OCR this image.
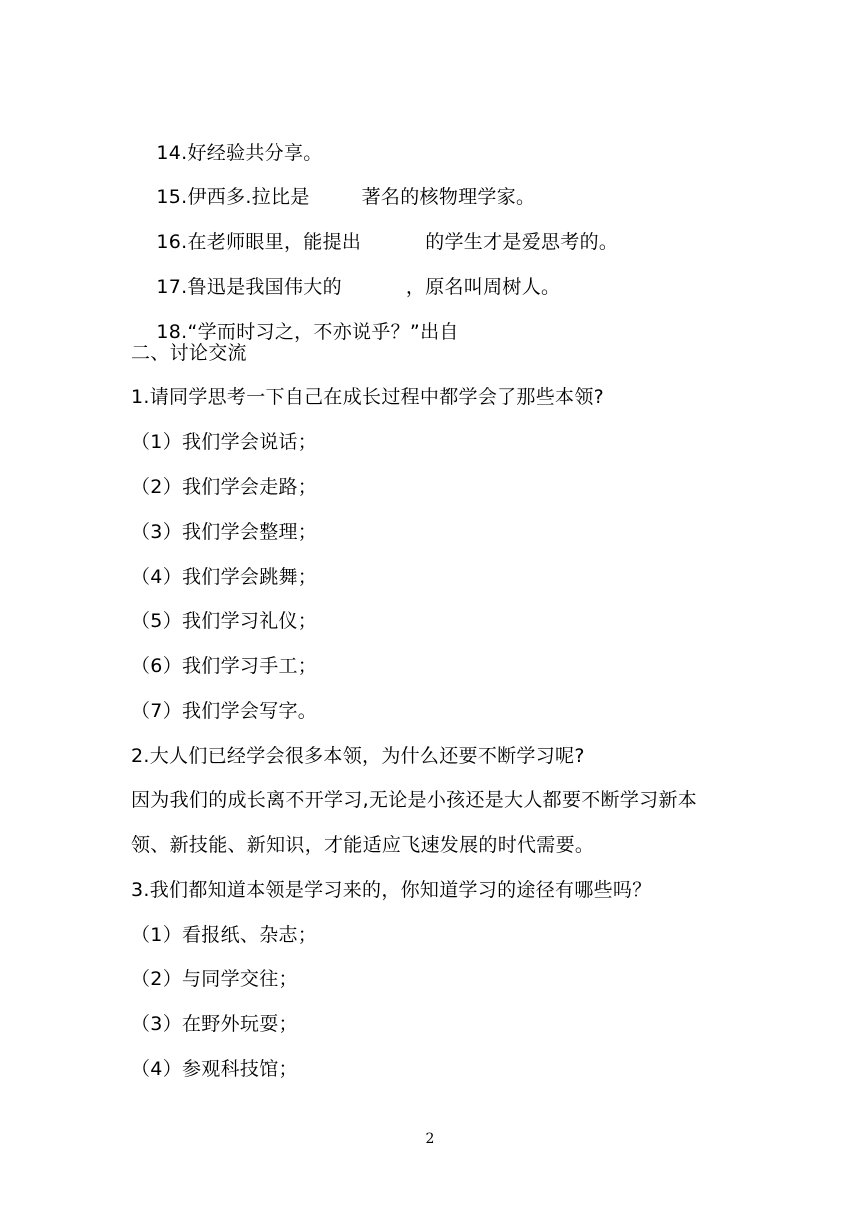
14.好经验共分享。

15.伊西多.拉比是	著名的核物理学家。

16.在老师眼里，能提出	的学生才是爱思考的。

17.鲁迅是我国伟大的	，原名叫周树人。

18.“学而时习之，不亦说乎？”出自

二、讨论交流
1.请同学思考一下自己在成长过程中都学会了那些本领?
（1）我们学会说话；
（2）我们学会走路；
（3）我们学会整理；
（4）我们学会跳舞；
（5）我们学习礼仪；
（6）我们学习手工；
（7）我们学会写字。
2.大人们已经学会很多本领，为什么还要不断学习呢?
因为我们的成长离不开学习,无论是小孩还是大人都要不断学习新本
领、新技能、新知识，才能适应飞速发展的时代需要。
3.我们都知道本领是学习来的，你知道学习的途径有哪些吗？
（1）看报纸、杂志；
（2）与同学交往；
（3）在野外玩耍；
（4）参观科技馆；
2
